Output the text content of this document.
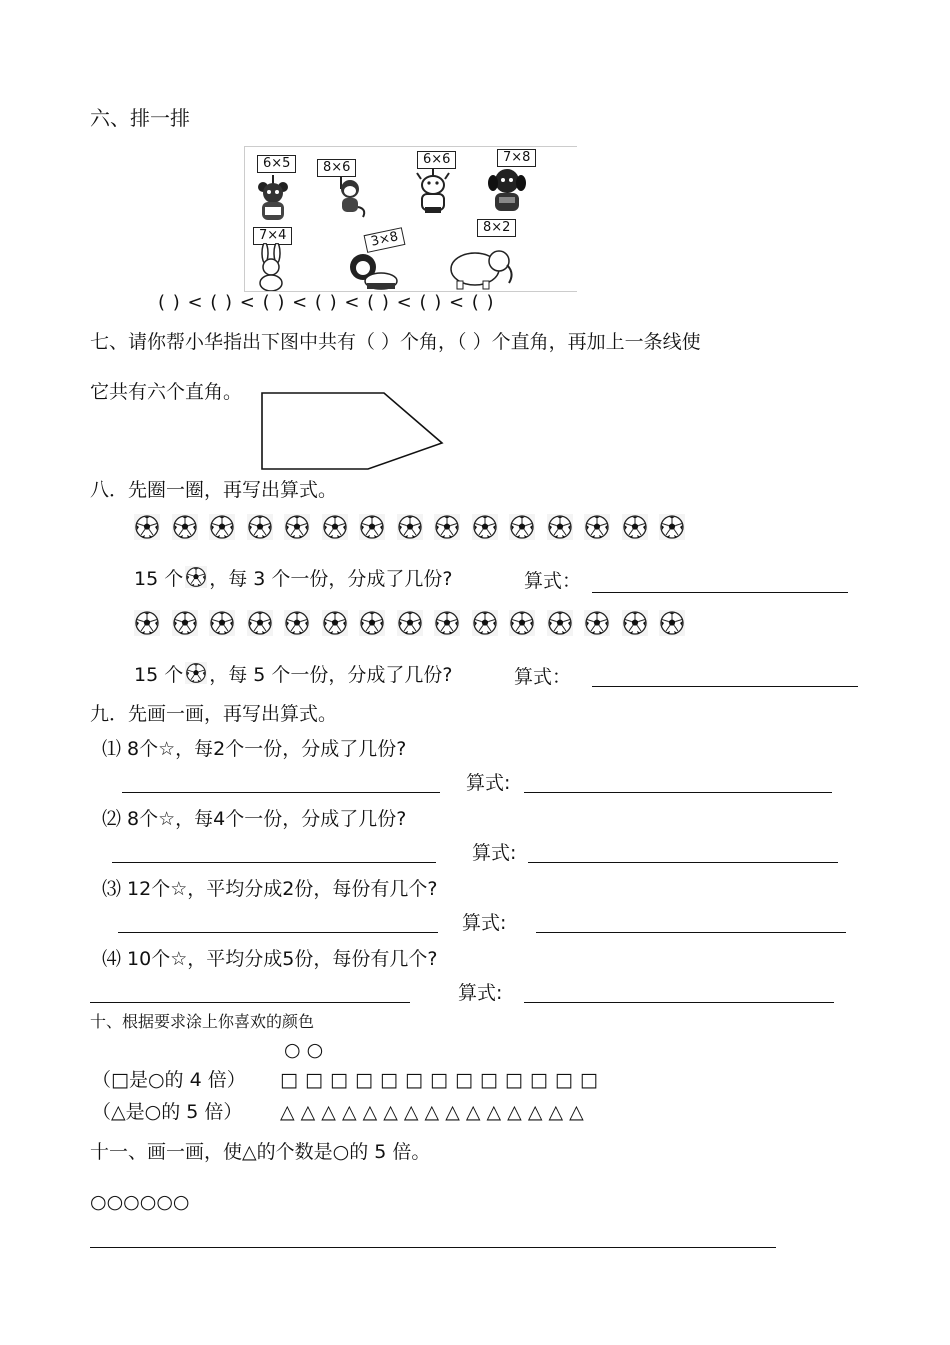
六、排一排
6×5	8×6
6×6	7×8
7×4	3×8
8×2
( ) < ( ) < ( ) < ( ) < ( ) < ( ) < ( )
七、请你帮小华指出下图中共有（ ）个角，（ ）个直角，再加上一条线使
它共有六个直角。
八．先圈一圈，再写出算式。
15 个 ，每 3 个一份，分成了几份?	算式：
15 个 ，每 5 个一份，分成了几份?	算式：
九．先画一画，再写出算式。
⑴ 8个☆，每2个一份，分成了几份?
算式:
⑵ 8个☆，每4个一份，分成了几份?
算式:
⑶ 12个☆，平均分成2份，每份有几个?
算式:
⑷ 10个☆，平均分成5份，每份有几个?
算式:
十、根据要求涂上你喜欢的颜色
○ ○
（□是○的 4 倍） □ □ □ □ □ □ □ □ □ □ □ □ □
（△是○的 5 倍） △ △ △ △ △ △ △ △ △ △ △ △ △ △ △
十一、画一画，使△的个数是○的 5 倍。
○○○○○○
